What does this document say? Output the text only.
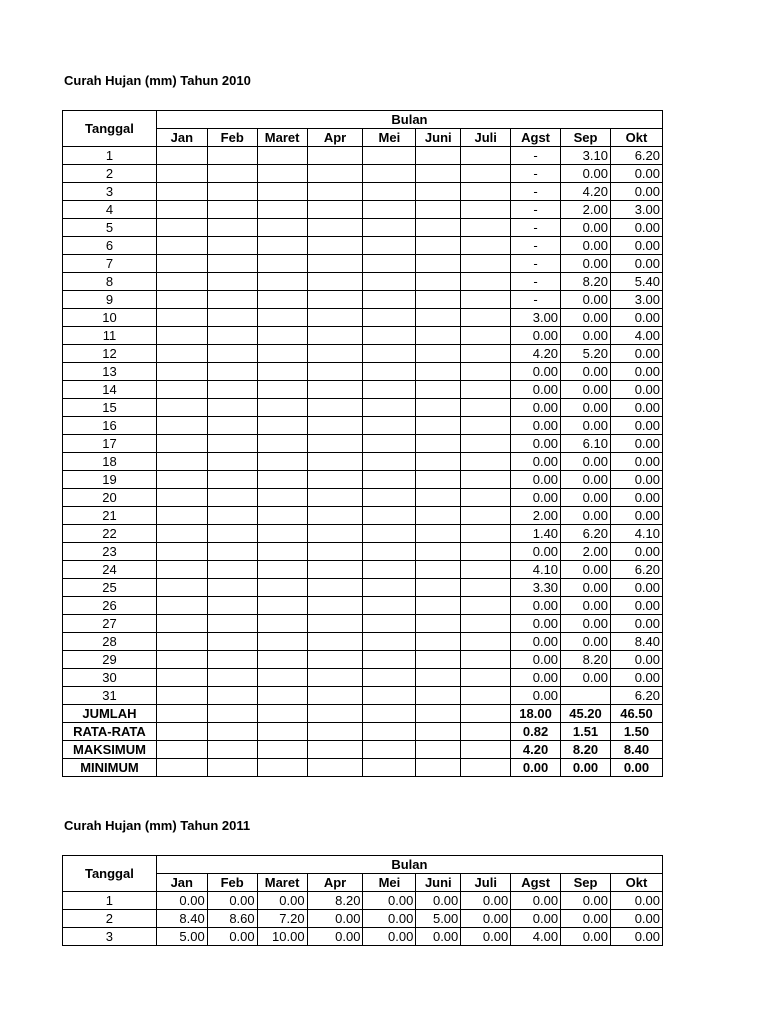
Curah Hujan (mm) Tahun 2010
Curah Hujan (mm) Tahun 2011
Tanggal	Bulan									
	Jan	Feb	Maret	Apr	Mei	Juni	Juli	Agst	Sep	Okt
1								-	3.10	6.20
2								-	0.00	0.00
3								-	4.20	0.00
4								-	2.00	3.00
5								-	0.00	0.00
6								-	0.00	0.00
7								-	0.00	0.00
8								-	8.20	5.40
9								-	0.00	3.00
10								3.00	0.00	0.00
11								0.00	0.00	4.00
12								4.20	5.20	0.00
13								0.00	0.00	0.00
14								0.00	0.00	0.00
15								0.00	0.00	0.00
16								0.00	0.00	0.00
17								0.00	6.10	0.00
18								0.00	0.00	0.00
19								0.00	0.00	0.00
20								0.00	0.00	0.00
21								2.00	0.00	0.00
22								1.40	6.20	4.10
23								0.00	2.00	0.00
24								4.10	0.00	6.20
25								3.30	0.00	0.00
26								0.00	0.00	0.00
27								0.00	0.00	0.00
28								0.00	0.00	8.40
29								0.00	8.20	0.00
30								0.00	0.00	0.00
31								0.00		6.20
JUMLAH								18.00	45.20	46.50
RATA-RATA								0.82	1.51	1.50
MAKSIMUM								4.20	8.20	8.40
MINIMUM								0.00	0.00	0.00
Tanggal	Bulan									
	Jan	Feb	Maret	Apr	Mei	Juni	Juli	Agst	Sep	Okt
1	0.00	0.00	0.00	8.20	0.00	0.00	0.00	0.00	0.00	0.00
2	8.40	8.60	7.20	0.00	0.00	5.00	0.00	0.00	0.00	0.00
3	5.00	0.00	10.00	0.00	0.00	0.00	0.00	4.00	0.00	0.00
